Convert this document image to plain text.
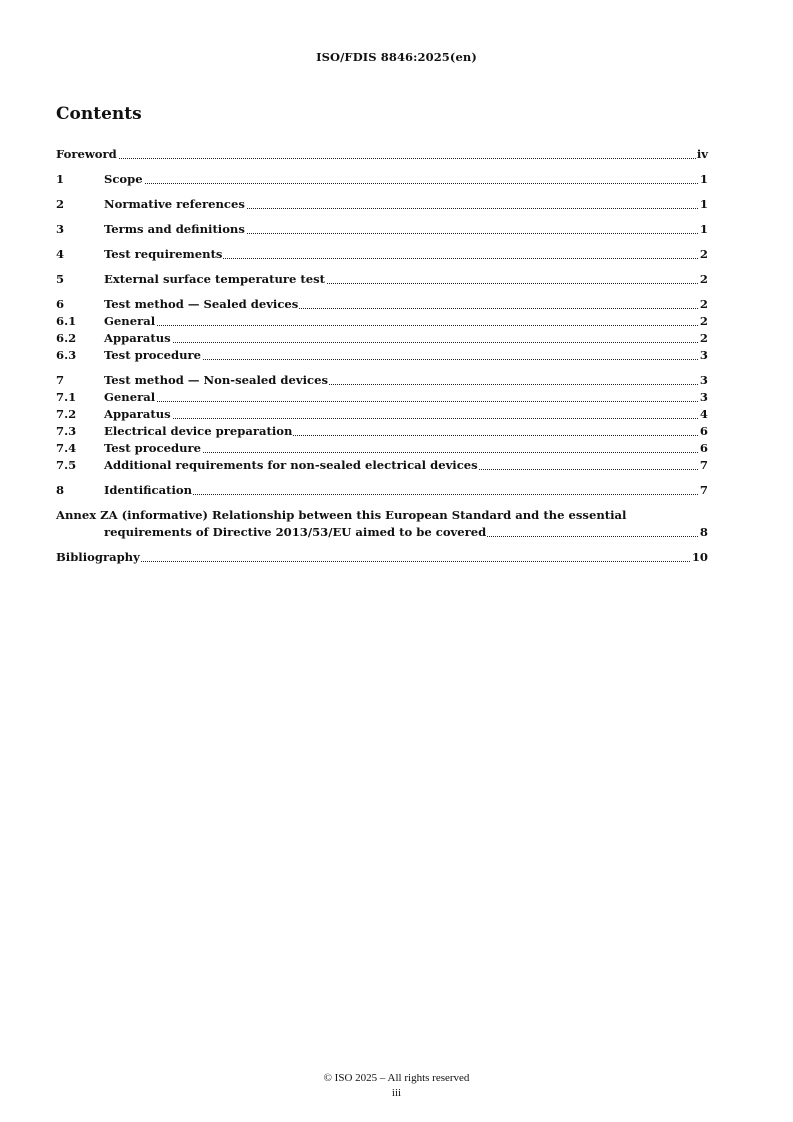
ISO/FDIS 8846:2025(en)
Contents
Foreword	iv
1	Scope	1
2	Normative references	1
3	Terms and definitions	1
4	Test requirements	2
5	External surface temperature test	2
6	Test method — Sealed devices	2
6.1	General	2
6.2	Apparatus	2
6.3	Test procedure	3
7	Test method — Non-sealed devices	3
7.1	General	3
7.2	Apparatus	4
7.3	Electrical device preparation	6
7.4	Test procedure	6
7.5	Additional requirements for non-sealed electrical devices	7
8	Identification	7
Annex ZA (informative) Relationship between this European Standard and the essential
requirements of Directive 2013/53/EU aimed to be covered	8
Bibliography	10
© ISO 2025 – All rights reserved
iii
